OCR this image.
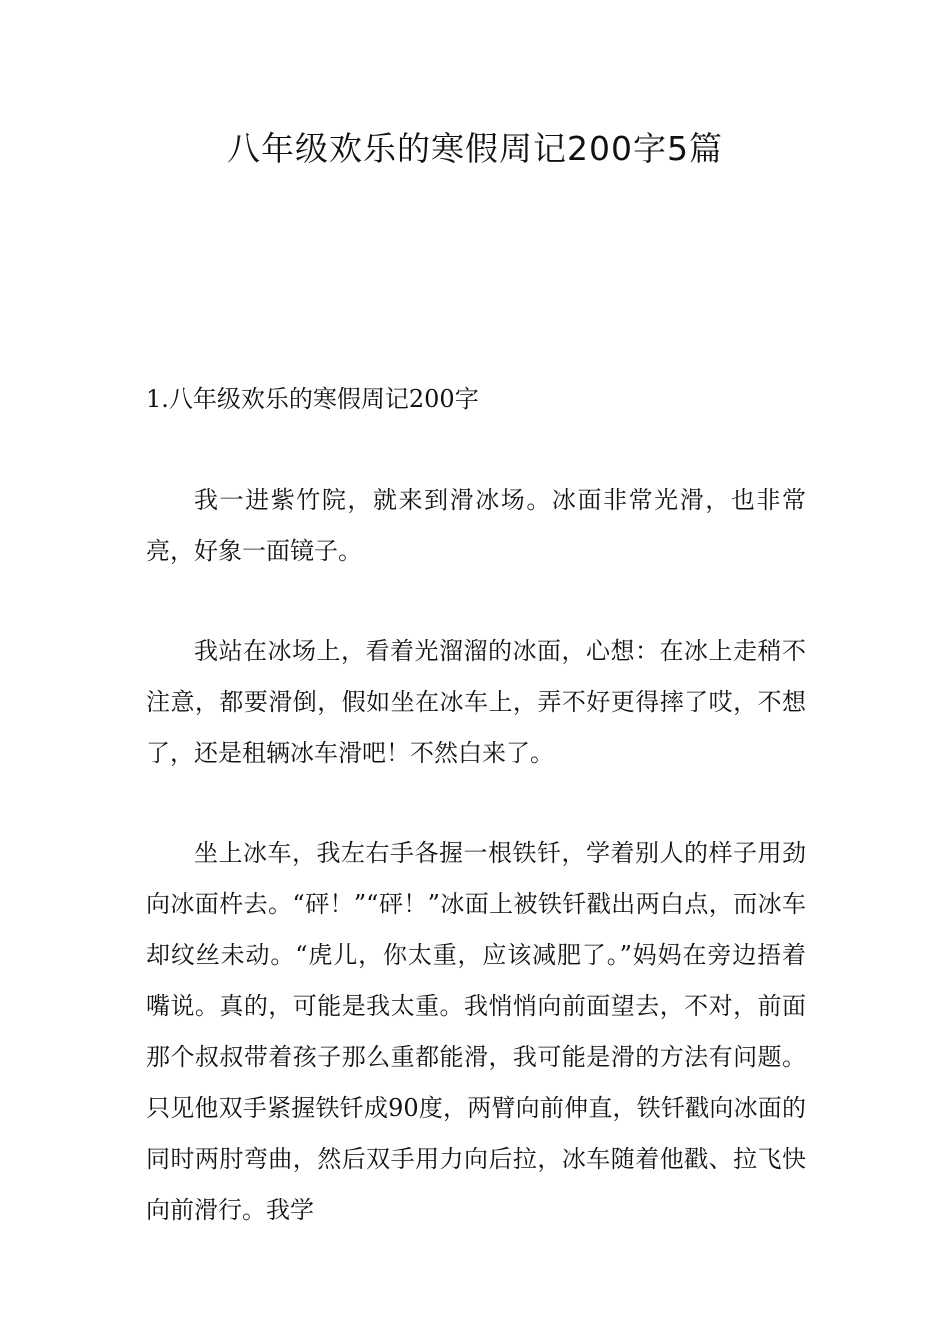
八年级欢乐的寒假周记200字5篇

1.八年级欢乐的寒假周记200字

我一进紫竹院，就来到滑冰场。冰面非常光滑，也非常亮，好象一面镜子。

我站在冰场上，看着光溜溜的冰面，心想：在冰上走稍不注意，都要滑倒，假如坐在冰车上，弄不好更得摔了哎，不想了，还是租辆冰车滑吧！不然白来了。

坐上冰车，我左右手各握一根铁钎，学着别人的样子用劲向冰面杵去。“砰！”“砰！”冰面上被铁钎戳出两白点，而冰车却纹丝未动。“虎儿，你太重，应该减肥了。”妈妈在旁边捂着嘴说。真的，可能是我太重。我悄悄向前面望去，不对，前面那个叔叔带着孩子那么重都能滑，我可能是滑的方法有问题。只见他双手紧握铁钎成90度，两臂向前伸直，铁钎戳向冰面的同时两肘弯曲，然后双手用力向后拉，冰车随着他戳、拉飞快向前滑行。我学
